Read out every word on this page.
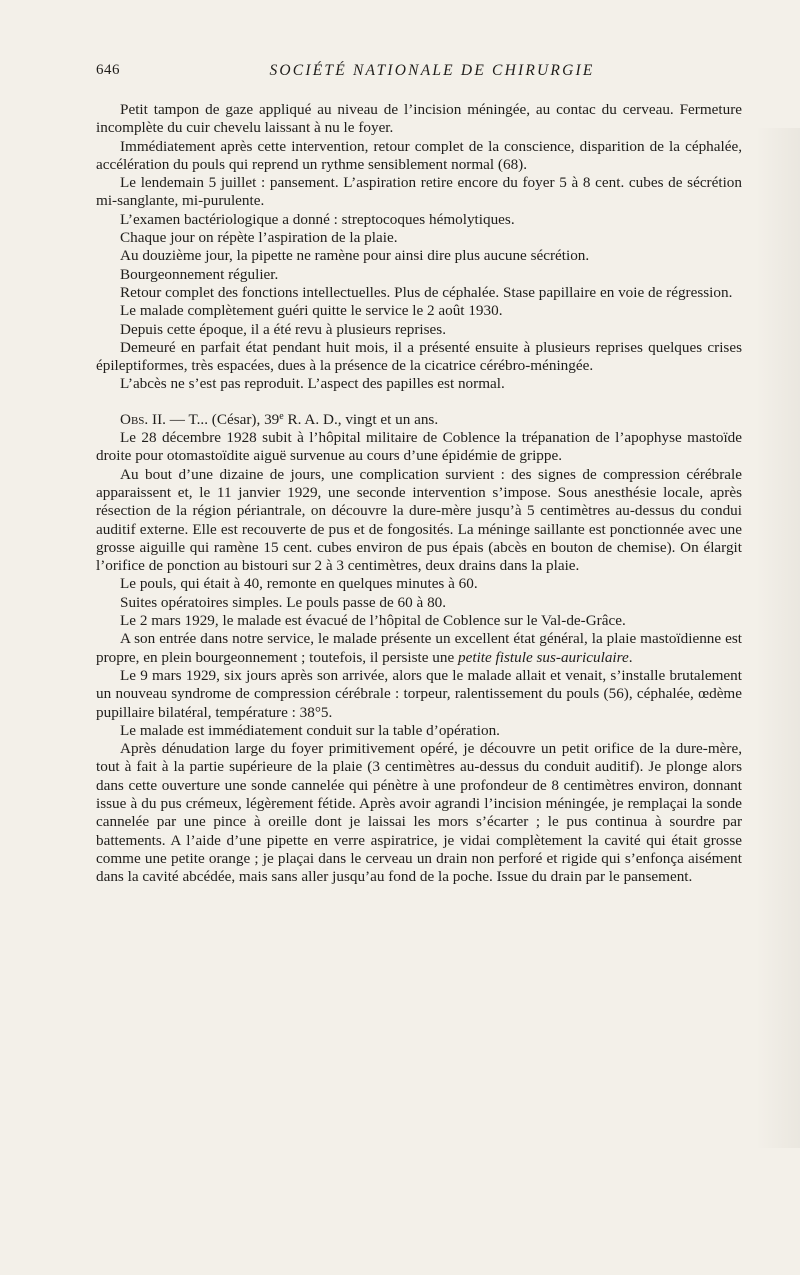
646	SOCIÉTÉ NATIONALE DE CHIRURGIE

Petit tampon de gaze appliqué au niveau de l’incision méningée, au contac du cerveau. Fermeture incomplète du cuir chevelu laissant à nu le foyer.

Immédiatement après cette intervention, retour complet de la conscience, disparition de la céphalée, accélération du pouls qui reprend un rythme sensiblement normal (68).

Le lendemain 5 juillet : pansement. L’aspiration retire encore du foyer 5 à 8 cent. cubes de sécrétion mi-sanglante, mi-purulente.

L’examen bactériologique a donné : streptocoques hémolytiques.

Chaque jour on répète l’aspiration de la plaie.

Au douzième jour, la pipette ne ramène pour ainsi dire plus aucune sécrétion.

Bourgeonnement régulier.

Retour complet des fonctions intellectuelles. Plus de céphalée. Stase papillaire en voie de régression.

Le malade complètement guéri quitte le service le 2 août 1930.

Depuis cette époque, il a été revu à plusieurs reprises.

Demeuré en parfait état pendant huit mois, il a présenté ensuite à plusieurs reprises quelques crises épileptiformes, très espacées, dues à la présence de la cicatrice cérébro-méningée.

L’abcès ne s’est pas reproduit. L’aspect des papilles est normal.

Obs. II. — T... (César), 39e R. A. D., vingt et un ans.

Le 28 décembre 1928 subit à l’hôpital militaire de Coblence la trépanation de l’apophyse mastoïde droite pour otomastoïdite aiguë survenue au cours d’une épidémie de grippe.

Au bout d’une dizaine de jours, une complication survient : des signes de compression cérébrale apparaissent et, le 11 janvier 1929, une seconde intervention s’impose. Sous anesthésie locale, après résection de la région périantrale, on découvre la dure-mère jusqu’à 5 centimètres au-dessus du condui auditif externe. Elle est recouverte de pus et de fongosités. La méninge saillante est ponctionnée avec une grosse aiguille qui ramène 15 cent. cubes environ de pus épais (abcès en bouton de chemise). On élargit l’orifice de ponction au bistouri sur 2 à 3 centimètres, deux drains dans la plaie.

Le pouls, qui était à 40, remonte en quelques minutes à 60.

Suites opératoires simples. Le pouls passe de 60 à 80.

Le 2 mars 1929, le malade est évacué de l’hôpital de Coblence sur le Val-de-Grâce.

A son entrée dans notre service, le malade présente un excellent état général, la plaie mastoïdienne est propre, en plein bourgeonnement ; toutefois, il persiste une petite fistule sus-auriculaire.

Le 9 mars 1929, six jours après son arrivée, alors que le malade allait et venait, s’installe brutalement un nouveau syndrome de compression cérébrale : torpeur, ralentissement du pouls (56), céphalée, œdème pupillaire bilatéral, température : 38°5.

Le malade est immédiatement conduit sur la table d’opération.

Après dénudation large du foyer primitivement opéré, je découvre un petit orifice de la dure-mère, tout à fait à la partie supérieure de la plaie (3 centimètres au-dessus du conduit auditif). Je plonge alors dans cette ouverture une sonde cannelée qui pénètre à une profondeur de 8 centimètres environ, donnant issue à du pus crémeux, légèrement fétide. Après avoir agrandi l’incision méningée, je remplaçai la sonde cannelée par une pince à oreille dont je laissai les mors s’écarter ; le pus continua à sourdre par battements. A l’aide d’une pipette en verre aspiratrice, je vidai complètement la cavité qui était grosse comme une petite orange ; je plaçai dans le cerveau un drain non perforé et rigide qui s’enfonça aisément dans la cavité abcédée, mais sans aller jusqu’au fond de la poche. Issue du drain par le pansement.
